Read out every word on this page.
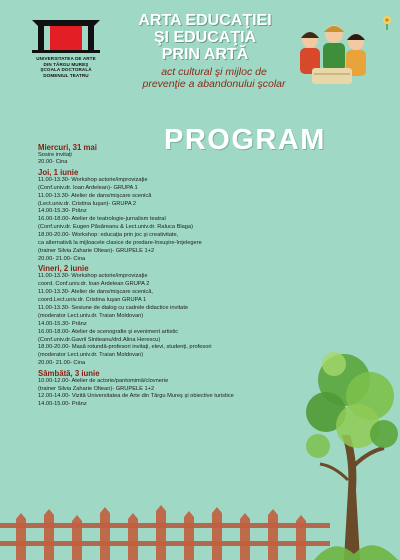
UNIVERSITATEA DE ARTE
DIN TÂRGU MUREŞ
ŞCOALA DOCTORALĂ
DOMENIUL TEATRU
ARTA EDUCAŢIEI
ŞI EDUCAŢIA
PRIN ARTĂ
act cultural şi mijloc de
prevenţie a abandonului şcolar
PROGRAM
Miercuri, 31 mai
Sosire invitaţi
20.00- Cina
Joi, 1 iunie
11.00-13.30- Workshop actorie/improvizaţie
(Conf.univ.dr. Ioan Ardelean)- GRUPA 1
11.00-13.30- Atelier de dans/mişcare scenică
(Lect.univ.dr. Cristina Iuşan)- GRUPA 2
14.00-15.30- Prânz
16.00-18.00- Atelier de teatrologie-jurnalism teatral
(Conf.univ.dr. Eugen Păsăreanu & Lect.univ.dr. Raluca Blaga)
18.00-20.00- Workshop: educaţia prin joc şi creativitate,
ca alternativă la mijloacele clasice de predare-însuşire-înţelegere
(trainer Silvia Zaharie Oltean)- GRUPELE 1+2
20.00- 21.00- Cina
Vineri, 2 iunie
11.00-13.30- Workshop actorie/improvizaţie
coord. Conf.univ.dr. Ioan Ardelean GRUPA 2
11.00-13.30- Atelier de dans/mişcare scenică,
coord.Lect.univ.dr. Cristina Iuşan GRUPA 1
11.00-13.30- Sesiune de dialog cu cadrele didactice invitate
(moderator Lect.univ.dr. Traian Moldovan)
14.00-15.30- Prânz
16.00-18.00- Atelier de scenografie şi eveniment artistic
(Conf.univ.dr.Gavril Siniteanu/drd.Alina Herescu)
18.00-20.00- Masă rotundă-profesori invitaţi, elevi, studenţi, profesori
(moderator Lect.univ.dr. Traian Moldovan)
20.00- 21.00- Cina
Sâmbătă, 3 iunie
10.00-12.00- Atelier de actorie/pantomimă/clovnerie
(trainer Silvia Zaharie Oltean)- GRUPELE 1+2
12.00-14.00- Vizită Universitatea de Arte din Târgu Mureş şi obiective turistice
14.00-15.00- Prânz
